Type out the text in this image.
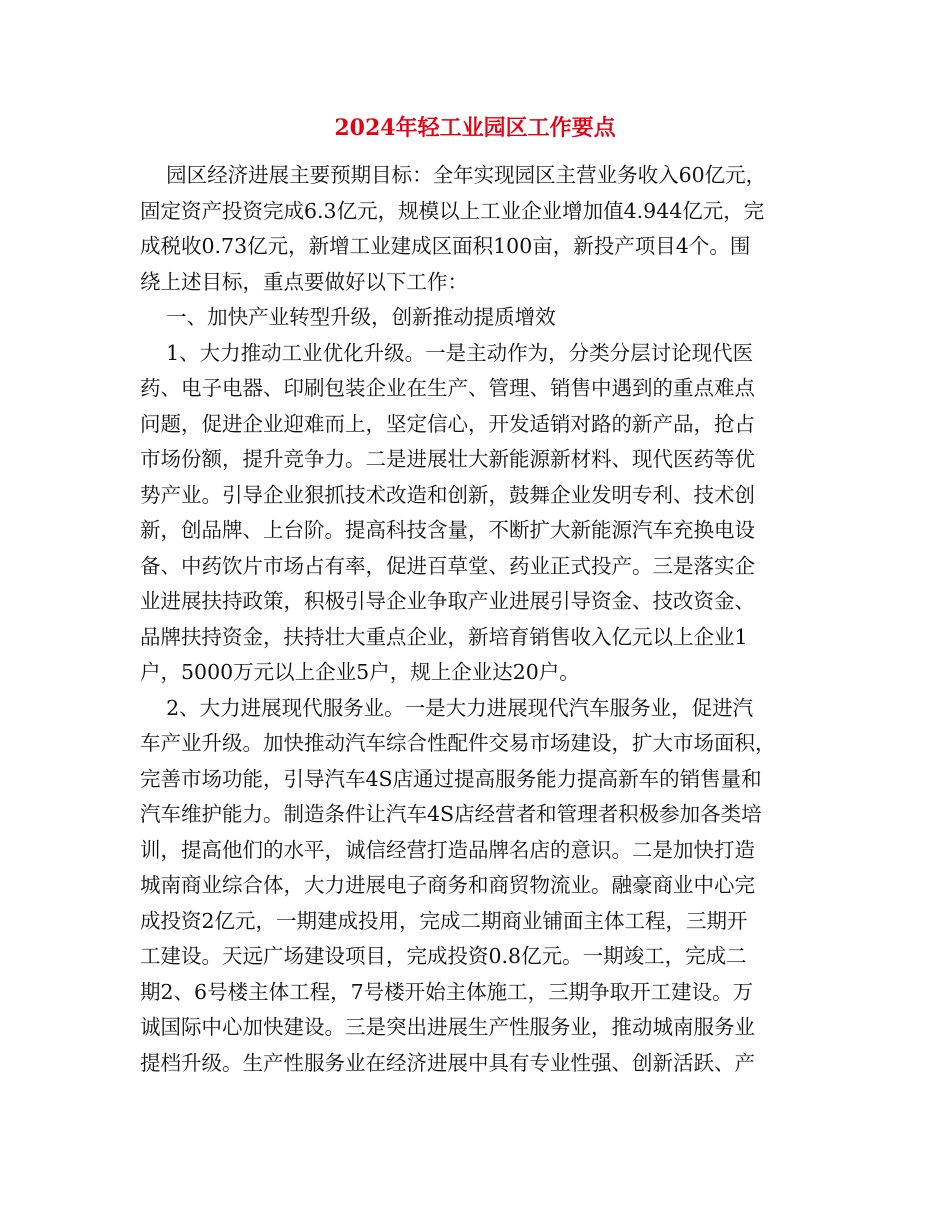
2024年轻工业园区工作要点
园区经济进展主要预期目标：全年实现园区主营业务收入60亿元，
固定资产投资完成6.3亿元，规模以上工业企业增加值4.944亿元，完
成税收0.73亿元，新增工业建成区面积100亩，新投产项目4个。围
绕上述目标，重点要做好以下工作：
一、加快产业转型升级，创新推动提质增效
1、大力推动工业优化升级。一是主动作为，分类分层讨论现代医
药、电子电器、印刷包装企业在生产、管理、销售中遇到的重点难点
问题，促进企业迎难而上，坚定信心，开发适销对路的新产品，抢占
市场份额，提升竞争力。二是进展壮大新能源新材料、现代医药等优
势产业。引导企业狠抓技术改造和创新，鼓舞企业发明专利、技术创
新，创品牌、上台阶。提高科技含量，不断扩大新能源汽车充换电设
备、中药饮片市场占有率，促进百草堂、药业正式投产。三是落实企
业进展扶持政策，积极引导企业争取产业进展引导资金、技改资金、
品牌扶持资金，扶持壮大重点企业，新培育销售收入亿元以上企业1
户，5000万元以上企业5户，规上企业达20户。
2、大力进展现代服务业。一是大力进展现代汽车服务业，促进汽
车产业升级。加快推动汽车综合性配件交易市场建设，扩大市场面积，
完善市场功能，引导汽车4S店通过提高服务能力提高新车的销售量和
汽车维护能力。制造条件让汽车4S店经营者和管理者积极参加各类培
训，提高他们的水平，诚信经营打造品牌名店的意识。二是加快打造
城南商业综合体，大力进展电子商务和商贸物流业。融豪商业中心完
成投资2亿元，一期建成投用，完成二期商业铺面主体工程，三期开
工建设。天远广场建设项目，完成投资0.8亿元。一期竣工，完成二
期2、6号楼主体工程，7号楼开始主体施工，三期争取开工建设。万
诚国际中心加快建设。三是突出进展生产性服务业，推动城南服务业
提档升级。生产性服务业在经济进展中具有专业性强、创新活跃、产
